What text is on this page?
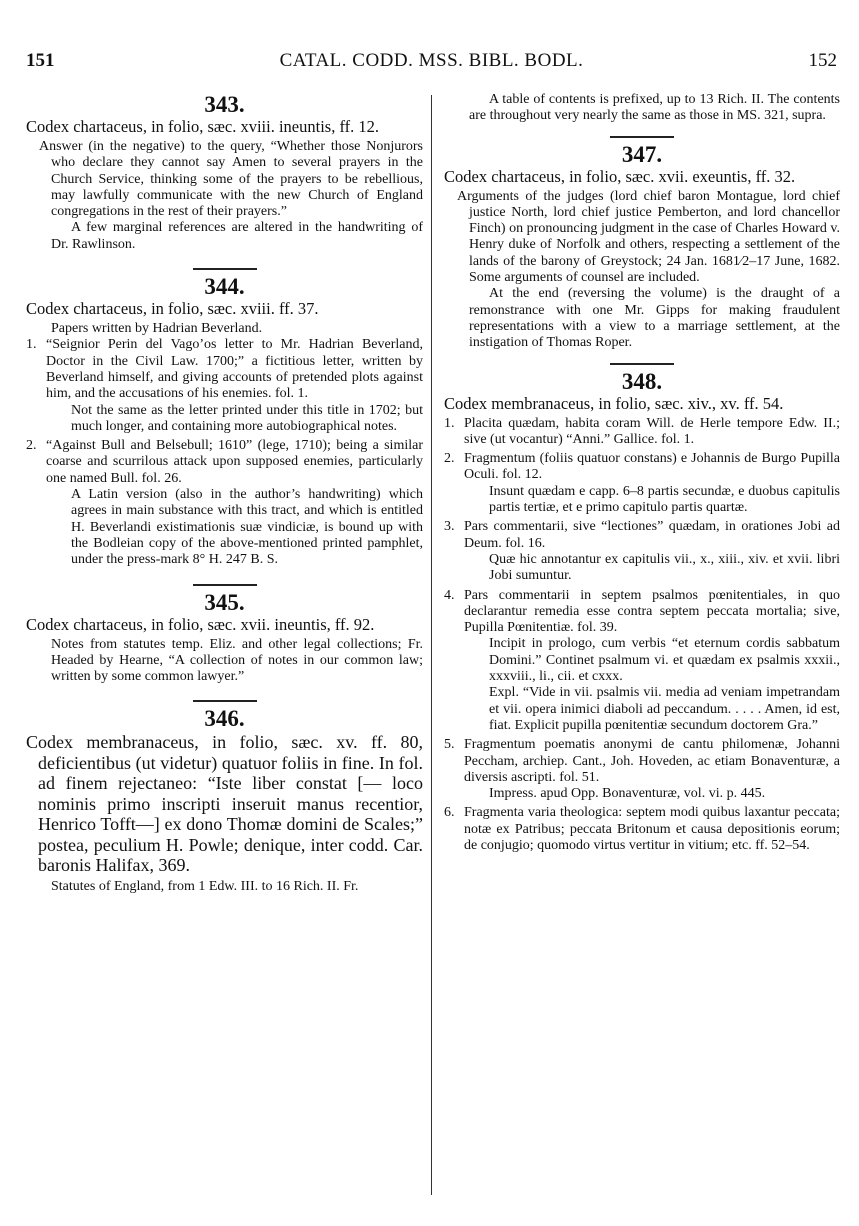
151	CATAL. CODD. MSS. BIBL. BODL.	152

343.

Codex chartaceus, in folio, sæc. xviii. ineuntis, ff. 12.

Answer (in the negative) to the query, “Whether those Nonjurors who declare they cannot say Amen to several prayers in the Church Service, thinking some of the prayers to be rebellious, may lawfully communicate with the new Church of England congregations in the rest of their prayers.”

A few marginal references are altered in the handwriting of Dr. Rawlinson.

344.

Codex chartaceus, in folio, sæc. xviii. ff. 37.

Papers written by Hadrian Beverland.

1. “Seignior Perin del Vago’os letter to Mr. Hadrian Beverland, Doctor in the Civil Law. 1700;” a fictitious letter, written by Beverland himself, and giving accounts of pretended plots against him, and the accusations of his enemies. fol. 1.

Not the same as the letter printed under this title in 1702; but much longer, and containing more autobiographical notes.

2. “Against Bull and Belsebull; 1610” (lege, 1710); being a similar coarse and scurrilous attack upon supposed enemies, particularly one named Bull. fol. 26.

A Latin version (also in the author’s handwriting) which agrees in main substance with this tract, and which is entitled H. Beverlandi existimationis suæ vindiciæ, is bound up with the Bodleian copy of the above-mentioned printed pamphlet, under the press-mark 8° H. 247 B. S.

345.

Codex chartaceus, in folio, sæc. xvii. ineuntis, ff. 92.

Notes from statutes temp. Eliz. and other legal collections; Fr. Headed by Hearne, “A collection of notes in our common law; written by some common lawyer.”

346.

Codex membranaceus, in folio, sæc. xv. ff. 80, deficientibus (ut videtur) quatuor foliis in fine. In fol. ad finem rejectaneo: “Iste liber constat [— loco nominis primo inscripti inseruit manus recentior, Henrico Tofft—] ex dono Thomæ domini de Scales;” postea, peculium H. Powle; denique, inter codd. Car. baronis Halifax, 369.

Statutes of England, from 1 Edw. III. to 16 Rich. II. Fr.

A table of contents is prefixed, up to 13 Rich. II. The contents are throughout very nearly the same as those in MS. 321, supra.

347.

Codex chartaceus, in folio, sæc. xvii. exeuntis, ff. 32.

Arguments of the judges (lord chief baron Montague, lord chief justice North, lord chief justice Pemberton, and lord chancellor Finch) on pronouncing judgment in the case of Charles Howard v. Henry duke of Norfolk and others, respecting a settlement of the lands of the barony of Greystock; 24 Jan. 1681⁄2–17 June, 1682. Some arguments of counsel are included.

At the end (reversing the volume) is the draught of a remonstrance with one Mr. Gipps for making fraudulent representations with a view to a marriage settlement, at the instigation of Thomas Roper.

348.

Codex membranaceus, in folio, sæc. xiv., xv. ff. 54.

1. Placita quædam, habita coram Will. de Herle tempore Edw. II.; sive (ut vocantur) “Anni.” Gallice. fol. 1.
2. Fragmentum (foliis quatuor constans) e Johannis de Burgo Pupilla Oculi. fol. 12.

Insunt quædam e capp. 6–8 partis secundæ, e duobus capitulis partis tertiæ, et e primo capitulo partis quartæ.

3. Pars commentarii, sive “lectiones” quædam, in orationes Jobi ad Deum. fol. 16.

Quæ hic annotantur ex capitulis vii., x., xiii., xiv. et xvii. libri Jobi sumuntur.

4. Pars commentarii in septem psalmos pœnitentiales, in quo declarantur remedia esse contra septem peccata mortalia; sive, Pupilla Pœnitentiæ. fol. 39.

Incipit in prologo, cum verbis “et eternum cordis sabbatum Domini.” Continet psalmum vi. et quædam ex psalmis xxxii., xxxviii., li., cii. et cxxx.

Expl. “Vide in vii. psalmis vii. media ad veniam impetrandam et vii. opera inimici diaboli ad peccandum. . . . . Amen, id est, fiat. Explicit pupilla pœnitentiæ secundum doctorem Gra.”

5. Fragmentum poematis anonymi de cantu philomenæ, Johanni Peccham, archiep. Cant., Joh. Hoveden, ac etiam Bonaventuræ, a diversis ascripti. fol. 51.

Impress. apud Opp. Bonaventuræ, vol. vi. p. 445.

6. Fragmenta varia theologica: septem modi quibus laxantur peccata; notæ ex Patribus; peccata Britonum et causa depositionis eorum; de conjugio; quomodo virtus vertitur in vitium; etc. ff. 52–54.
